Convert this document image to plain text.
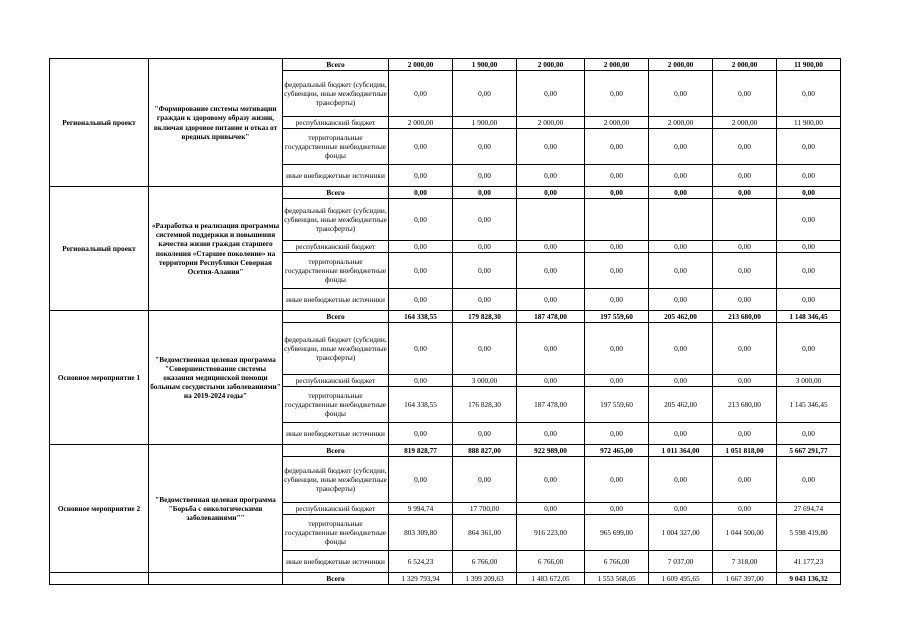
Региональный проект	"Формирование системы мотивации граждан к здоровому образу жизни, включая здоровое питание и отказ от вредных привычек"	Всего	2 000,00	1 900,00	2 000,00	2 000,00	2 000,00	2 000,00	11 900,00
		федеральный бюджет (субсидии, субвенции, иные межбюджетные трансферты)	0,00	0,00	0,00	0,00	0,00	0,00	0,00
		республиканский бюджет	2 000,00	1 900,00	2 000,00	2 000,00	2 000,00	2 000,00	11 900,00
		территориальные государственные внебюджетные фонды	0,00	0,00	0,00	0,00	0,00	0,00	0,00
		иные внебюджетные источники	0,00	0,00	0,00	0,00	0,00	0,00	0,00
Региональный проект	«Разработка и реализация программы системной поддержки и повышения качества жизни граждан старшего поколения «Старшее поколение» на территории Республики Северная Осетия-Алания"	Всего	0,00	0,00	0,00	0,00	0,00	0,00	0,00
		федеральный бюджет (субсидии, субвенции, иные межбюджетные трансферты)	0,00	0,00					0,00
		республиканский бюджет	0,00	0,00	0,00	0,00	0,00	0,00	0,00
		территориальные государственные внебюджетные фонды	0,00	0,00	0,00	0,00	0,00	0,00	0,00
		иные внебюджетные источники	0,00	0,00	0,00	0,00	0,00	0,00	0,00
Основное мероприятие 1	"Ведомственная целевая программа "Совершенствование системы оказания медицинской помощи больным сосудистыми заболеваниями" на 2019-2024 годы"	Всего	164 338,55	179 828,30	187 478,00	197 559,60	205 462,00	213 680,00	1 148 346,45
		федеральный бюджет (субсидии, субвенции, иные межбюджетные трансферты)	0,00	0,00	0,00	0,00	0,00	0,00	0,00
		республиканский бюджет	0,00	3 000,00	0,00	0,00	0,00	0,00	3 000,00
		территориальные государственные внебюджетные фонды	164 338,55	176 828,30	187 478,00	197 559,60	205 462,00	213 680,00	1 145 346,45
		иные внебюджетные источники	0,00	0,00	0,00	0,00	0,00	0,00	0,00
Основное мероприятие 2	"Ведомственная целевая программа "Борьба с онкологическими заболеваниями""	Всего	819 828,77	888 827,00	922 989,00	972 465,00	1 011 364,00	1 051 818,00	5 667 291,77
		федеральный бюджет (субсидии, субвенции, иные межбюджетные трансферты)	0,00	0,00	0,00	0,00	0,00	0,00	0,00
		республиканский бюджет	9 994,74	17 700,00	0,00	0,00	0,00	0,00	27 694,74
		территориальные государственные внебюджетные фонды	803 309,80	864 361,00	916 223,00	965 699,00	1 004 327,00	1 044 500,00	5 598 419,80
		иные внебюджетные источники	6 524,23	6 766,00	6 766,00	6 766,00	7 037,00	7 318,00	41 177,23
		Всего	1 329 793,94	1 399 209,63	1 483 672,05	1 553 568,05	1 609 495,65	1 667 397,00	9 043 136,32
